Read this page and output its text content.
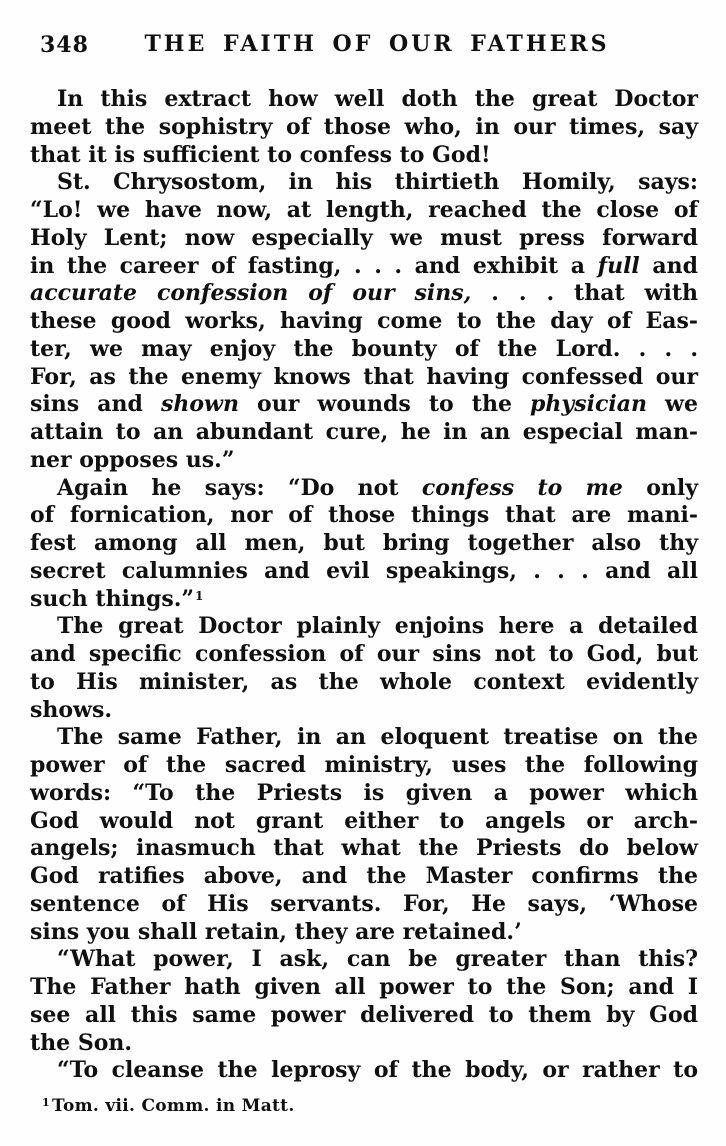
348	THE FAITH OF OUR FATHERS
In this extract how well doth the great Doctor
meet the sophistry of those who, in our times, say
that it is sufficient to confess to God!
St. Chrysostom, in his thirtieth Homily, says:
“Lo! we have now, at length, reached the close of
Holy Lent; now especially we must press forward
in the career of fasting, . . . and exhibit a full and
accurate confession of our sins, . . . that with
these good works, having come to the day of Eas-
ter, we may enjoy the bounty of the Lord. . . .
For, as the enemy knows that having confessed our
sins and shown our wounds to the physician we
attain to an abundant cure, he in an especial man-
ner opposes us.”
Again he says: “Do not confess to me only
of fornication, nor of those things that are mani-
fest among all men, but bring together also thy
secret calumnies and evil speakings, . . . and all
such things.”$^1$
The great Doctor plainly enjoins here a detailed
and specific confession of our sins not to God, but
to His minister, as the whole context evidently
shows.
The same Father, in an eloquent treatise on the
power of the sacred ministry, uses the following
words: “To the Priests is given a power which
God would not grant either to angels or arch-
angels; inasmuch that what the Priests do below
God ratifies above, and the Master confirms the
sentence of His servants. For, He says, ‘Whose
sins you shall retain, they are retained.’
“What power, I ask, can be greater than this?
The Father hath given all power to the Son; and I
see all this same power delivered to them by God
the Son.
“To cleanse the leprosy of the body, or rather to
$^1$ Tom. vii. Comm. in Matt.
